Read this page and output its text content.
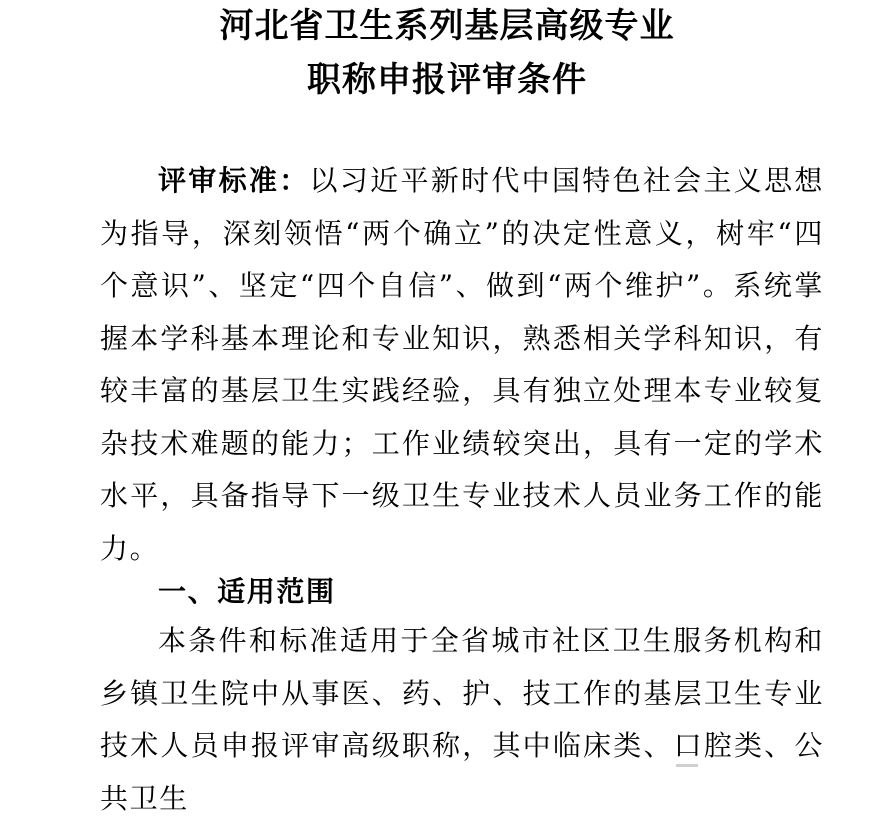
河北省卫生系列基层高级专业
职称申报评审条件

评审标准：以习近平新时代中国特色社会主义思想为指导，深刻领悟“两个确立”的决定性意义，树牢“四个意识”、坚定“四个自信”、做到“两个维护”。系统掌握本学科基本理论和专业知识，熟悉相关学科知识，有较丰富的基层卫生实践经验，具有独立处理本专业较复杂技术难题的能力；工作业绩较突出，具有一定的学术水平，具备指导下一级卫生专业技术人员业务工作的能力。

一、适用范围

本条件和标准适用于全省城市社区卫生服务机构和乡镇卫生院中从事医、药、护、技工作的基层卫生专业技术人员申报评审高级职称，其中临床类、口腔类、公共卫生
